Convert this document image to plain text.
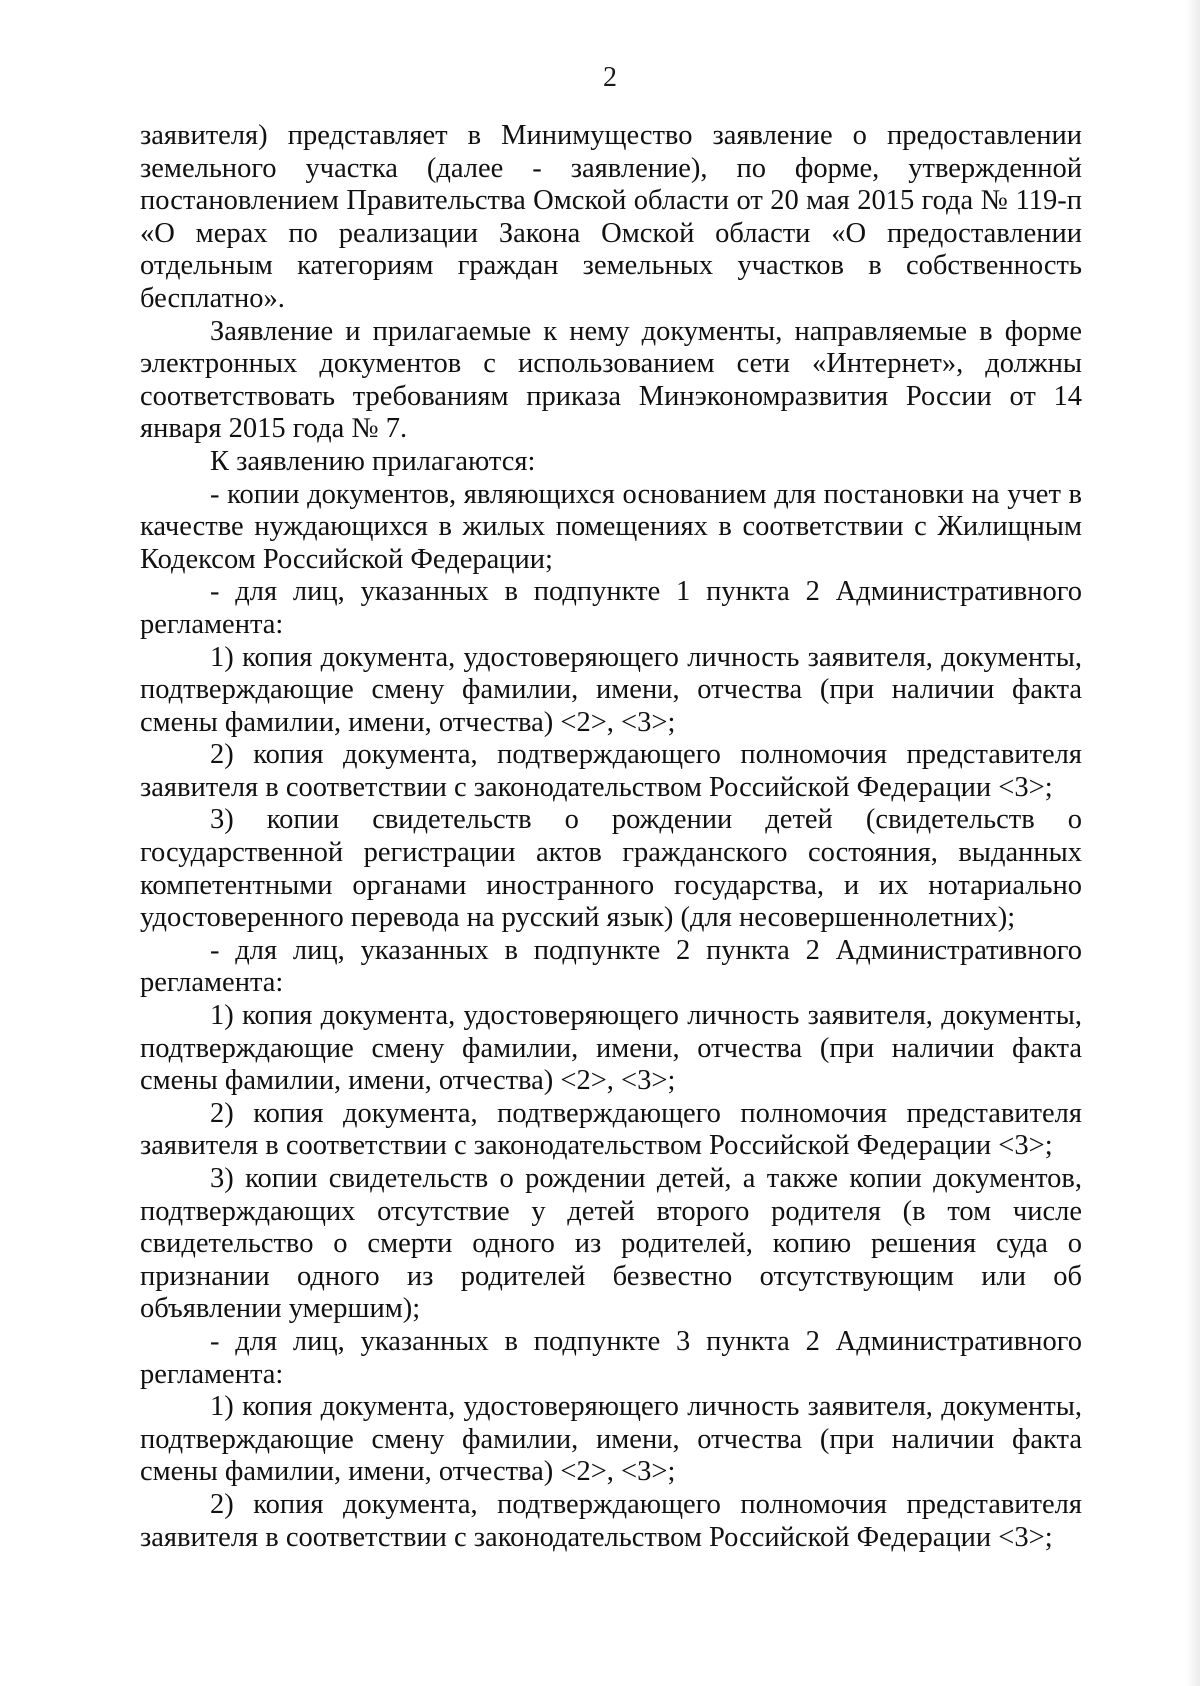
2

заявителя) представляет в Минимущество заявление о предоставлении земельного участка (далее - заявление), по форме, утвержденной постановлением Правительства Омской области от 20 мая 2015 года № 119-п «О мерах по реализации Закона Омской области «О предоставлении отдельным категориям граждан земельных участков в собственность бесплатно».

Заявление и прилагаемые к нему документы, направляемые в форме электронных документов с использованием сети «Интернет», должны соответствовать требованиям приказа Минэкономразвития России от 14 января 2015 года № 7.

К заявлению прилагаются:

- копии документов, являющихся основанием для постановки на учет в качестве нуждающихся в жилых помещениях в соответствии с Жилищным Кодексом Российской Федерации;

- для лиц, указанных в подпункте 1 пункта 2 Административного регламента:

1) копия документа, удостоверяющего личность заявителя, документы, подтверждающие смену фамилии, имени, отчества (при наличии факта смены фамилии, имени, отчества) <2>, <3>;

2) копия документа, подтверждающего полномочия представителя заявителя в соответствии с законодательством Российской Федерации <3>;

3) копии свидетельств о рождении детей (свидетельств о государственной регистрации актов гражданского состояния, выданных компетентными органами иностранного государства, и их нотариально удостоверенного перевода на русский язык) (для несовершеннолетних);

- для лиц, указанных в подпункте 2 пункта 2 Административного регламента:

1) копия документа, удостоверяющего личность заявителя, документы, подтверждающие смену фамилии, имени, отчества (при наличии факта смены фамилии, имени, отчества) <2>, <3>;

2) копия документа, подтверждающего полномочия представителя заявителя в соответствии с законодательством Российской Федерации <3>;

3) копии свидетельств о рождении детей, а также копии документов, подтверждающих отсутствие у детей второго родителя (в том числе свидетельство о смерти одного из родителей, копию решения суда о признании одного из родителей безвестно отсутствующим или об объявлении умершим);

- для лиц, указанных в подпункте 3 пункта 2 Административного регламента:

1) копия документа, удостоверяющего личность заявителя, документы, подтверждающие смену фамилии, имени, отчества (при наличии факта смены фамилии, имени, отчества) <2>, <3>;

2) копия документа, подтверждающего полномочия представителя заявителя в соответствии с законодательством Российской Федерации <3>;
